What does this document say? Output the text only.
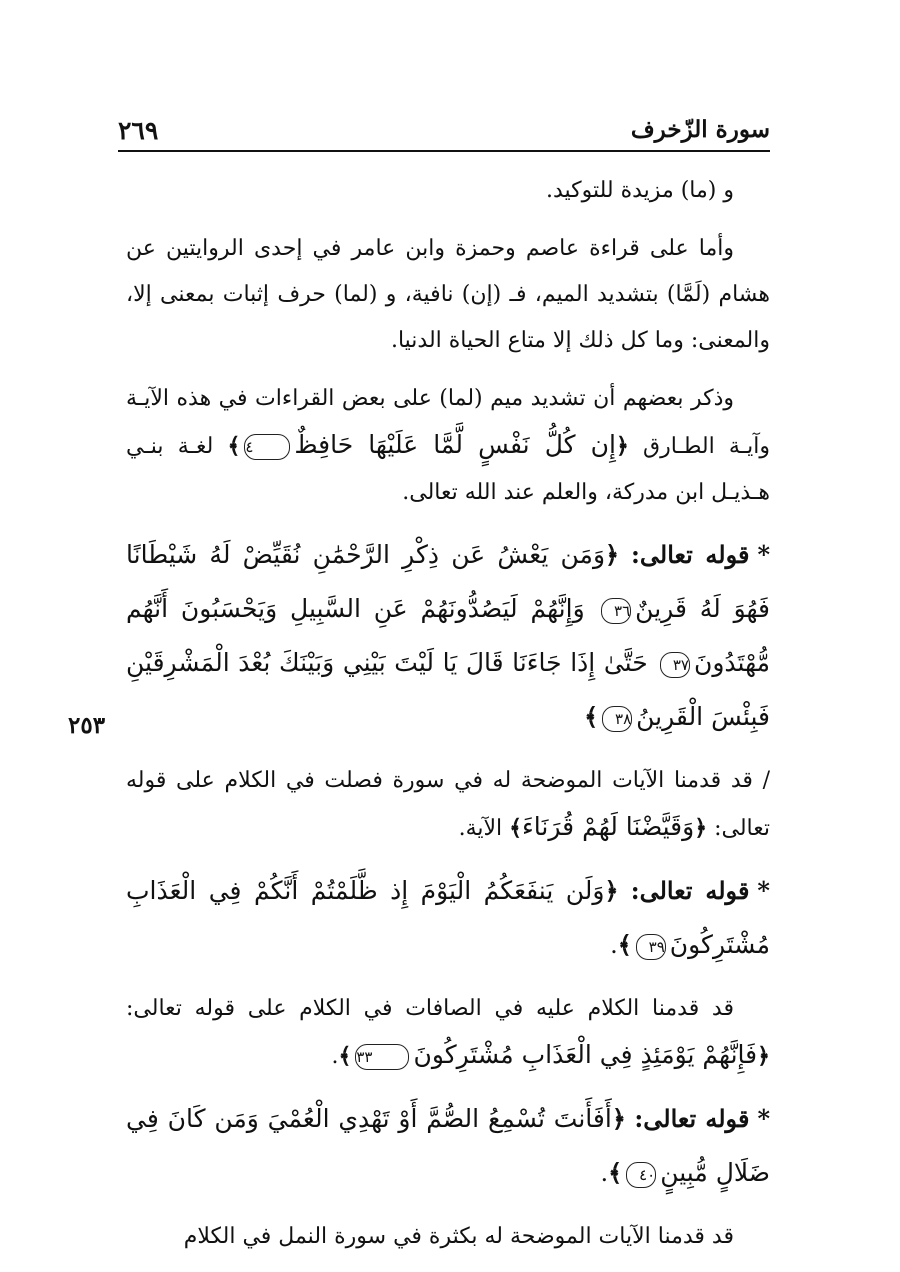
سورة الزّخرف
٢٦٩
٢٥٣

و (ما) مزيدة للتوكيد.

وأما على قراءة عاصم وحمزة وابن عامر في إحدى الروايتين عن هشام (لَمَّا) بتشديد الميم، فـ (إن) نافية، و (لما) حرف إثبات بمعنى إلا، والمعنى: وما كل ذلك إلا متاع الحياة الدنيا.

وذكر بعضهم أن تشديد ميم (لما) على بعض القراءات في هذه الآيـة وآيـة الطـارق ﴿إِن كُلُّ نَفْسٍ لَّمَّا عَلَيْهَا حَافِظٌ٤﴾ لغـة بنـي هـذيـل ابن مدركة، والعلم عند الله تعالى.

*قوله تعالى: ﴿وَمَن يَعْشُ عَن ذِكْرِ الرَّحْمَٰنِ نُقَيِّضْ لَهُ شَيْطَانًا فَهُوَ لَهُ قَرِينٌ٣٦ وَإِنَّهُمْ لَيَصُدُّونَهُمْ عَنِ السَّبِيلِ وَيَحْسَبُونَ أَنَّهُم مُّهْتَدُونَ٣٧ حَتَّىٰ إِذَا جَاءَنَا قَالَ يَا لَيْتَ بَيْنِي وَبَيْنَكَ بُعْدَ الْمَشْرِقَيْنِ فَبِئْسَ الْقَرِينُ٣٨﴾

/ قد قدمنا الآيات الموضحة له في سورة فصلت في الكلام على قوله تعالى: ﴿وَقَيَّضْنَا لَهُمْ قُرَنَاءَ﴾ الآية.

*قوله تعالى: ﴿وَلَن يَنفَعَكُمُ الْيَوْمَ إِذ ظَّلَمْتُمْ أَنَّكُمْ فِي الْعَذَابِ مُشْتَرِكُونَ٣٩﴾.

قد قدمنا الكلام عليه في الصافات في الكلام على قوله تعالى: ﴿فَإِنَّهُمْ يَوْمَئِذٍ فِي الْعَذَابِ مُشْتَرِكُونَ٣٣﴾.

*قوله تعالى: ﴿أَفَأَنتَ تُسْمِعُ الصُّمَّ أَوْ تَهْدِي الْعُمْيَ وَمَن كَانَ فِي ضَلَالٍ مُّبِينٍ٤٠﴾.

قد قدمنا الآيات الموضحة له بكثرة في سورة النمل في الكلام
